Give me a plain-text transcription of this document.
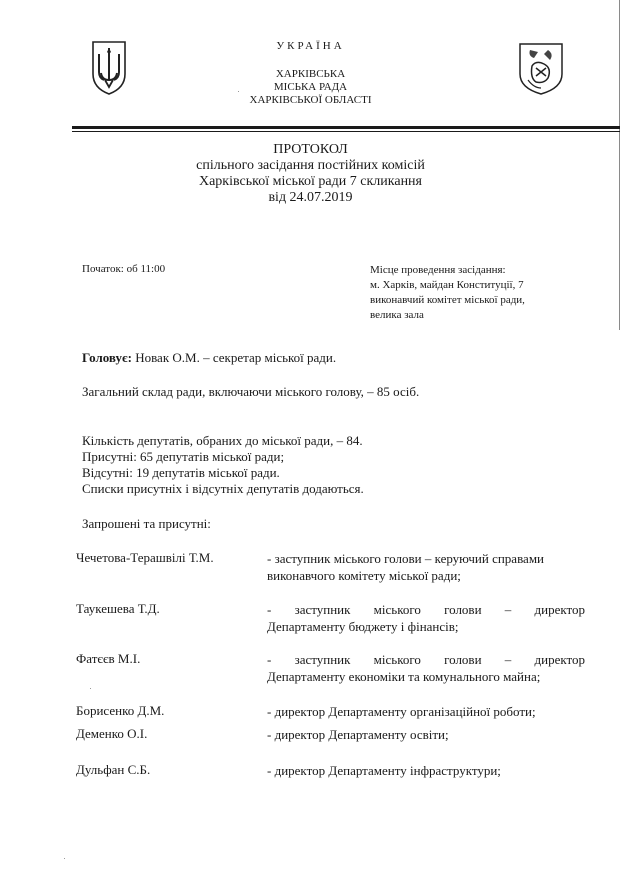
УКРАЇНА
ХАРКІВСЬКА
МІСЬКА РАДА
ХАРКІВСЬКОЇ ОБЛАСТІ
ПРОТОКОЛ
спільного засідання постійних комісій
Харківської міської ради 7 скликання
від 24.07.2019
Початок: об 11:00	Місце проведення засідання:
м. Харків, майдан Конституції, 7
виконавчий комітет міської ради,
велика зала
Головує: Новак О.М. – секретар міської ради.
Загальний склад ради, включаючи міського голову, – 85 осіб.
Кількість депутатів, обраних до міської ради, – 84.
Присутні: 65 депутатів міської ради;
Відсутні: 19 депутатів міської ради.
Списки присутніх і відсутніх депутатів додаються.
Запрошені та присутні:
Чечетова-Терашвілі Т.М.	- заступник міського голови – керуючий справами
виконавчого комітету міської ради;
Таукешева Т.Д.	- заступник міського голови – директор
Департаменту бюджету і фінансів;
Фатєєв М.І.	- заступник міського голови – директор
Департаменту економіки та комунального майна;
Борисенко Д.М.	- директор Департаменту організаційної роботи;
Деменко О.І.	- директор Департаменту освіти;
Дульфан С.Б.	- директор Департаменту інфраструктури;
